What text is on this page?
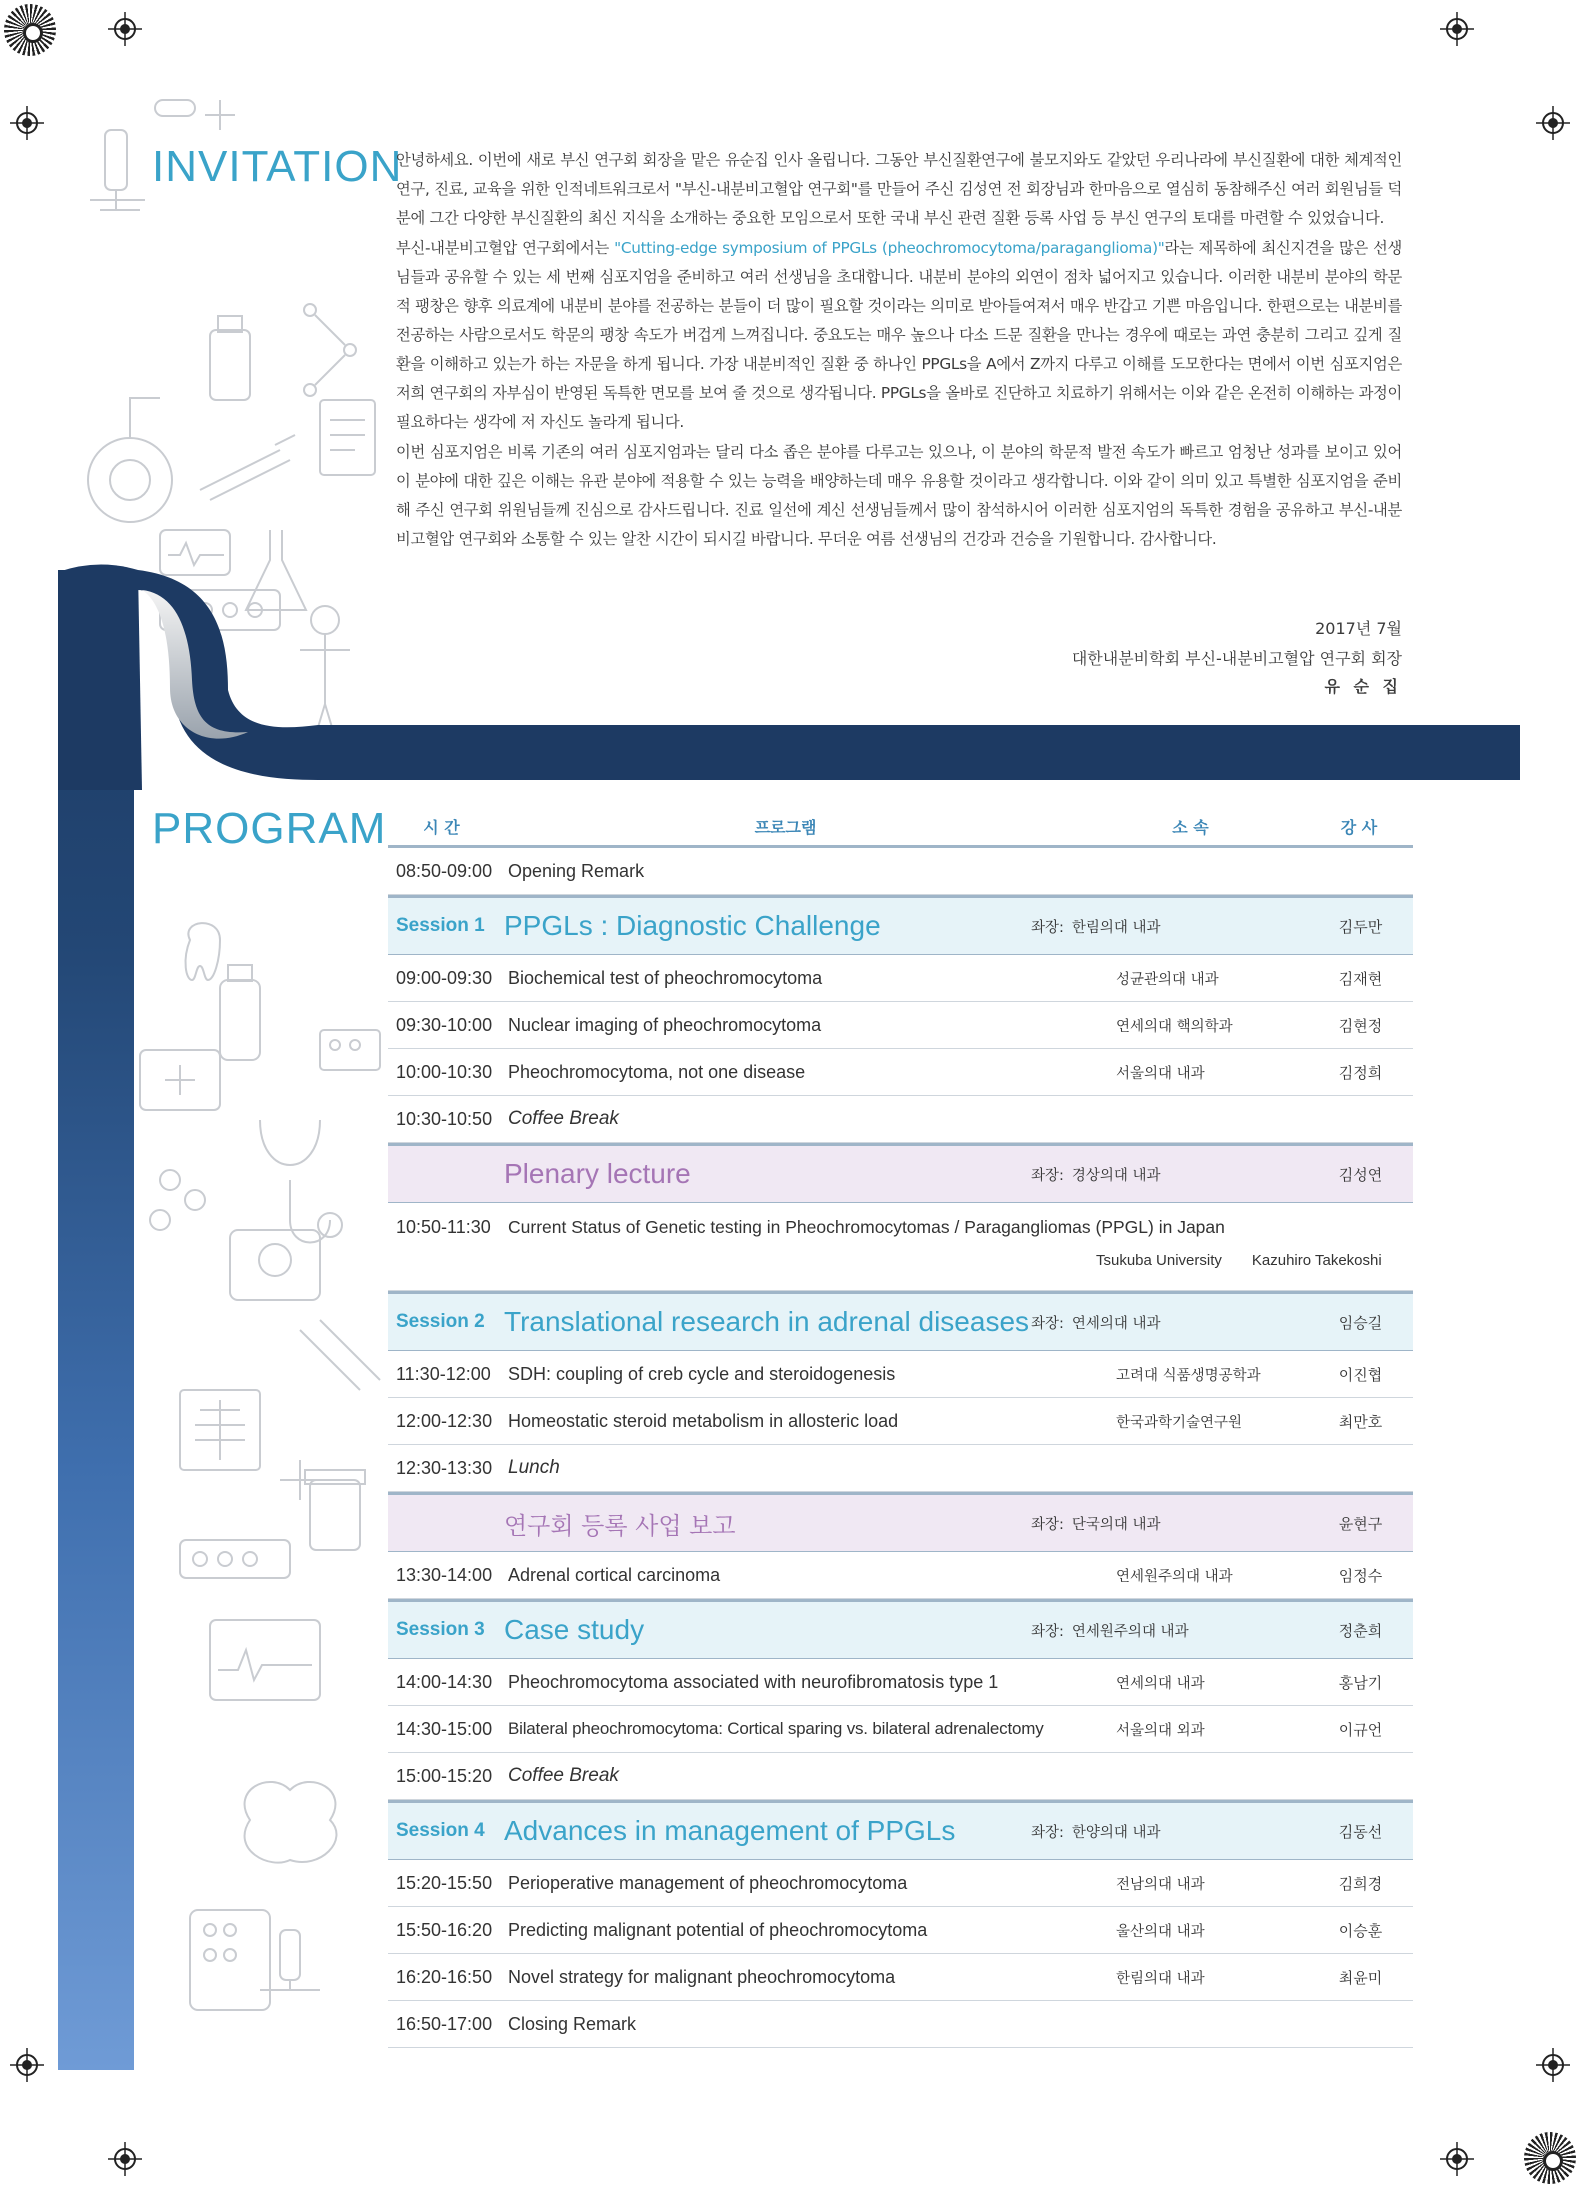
INVITATION

안녕하세요. 이번에 새로 부신 연구회 회장을 맡은 유순집 인사 올립니다. 그동안 부신질환연구에 불모지와도 같았던 우리나라에 부신질환에 대한 체계적인 연구, 진료, 교육을 위한 인적네트워크로서 "부신-내분비고혈압 연구회"를 만들어 주신 김성연 전 회장님과 한마음으로 열심히 동참해주신 여러 회원님들 덕분에 그간 다양한 부신질환의 최신 지식을 소개하는 중요한 모임으로서 또한 국내 부신 관련 질환 등록 사업 등 부신 연구의 토대를 마련할 수 있었습니다.

부신-내분비고혈압 연구회에서는 "Cutting-edge symposium of PPGLs (pheochromocytoma/paraganglioma)"라는 제목하에 최신지견을 많은 선생님들과 공유할 수 있는 세 번째 심포지엄을 준비하고 여러 선생님을 초대합니다. 내분비 분야의 외연이 점차 넓어지고 있습니다. 이러한 내분비 분야의 학문적 팽창은 향후 의료계에 내분비 분야를 전공하는 분들이 더 많이 필요할 것이라는 의미로 받아들여져서 매우 반갑고 기쁜 마음입니다. 한편으로는 내분비를 전공하는 사람으로서도 학문의 팽창 속도가 버겁게 느껴집니다. 중요도는 매우 높으나 다소 드문 질환을 만나는 경우에 때로는 과연 충분히 그리고 깊게 질환을 이해하고 있는가 하는 자문을 하게 됩니다. 가장 내분비적인 질환 중 하나인 PPGLs을 A에서 Z까지 다루고 이해를 도모한다는 면에서 이번 심포지엄은 저희 연구회의 자부심이 반영된 독특한 면모를 보여 줄 것으로 생각됩니다. PPGLs을 올바로 진단하고 치료하기 위해서는 이와 같은 온전히 이해하는 과정이 필요하다는 생각에 저 자신도 놀라게 됩니다.

이번 심포지엄은 비록 기존의 여러 심포지엄과는 달리 다소 좁은 분야를 다루고는 있으나, 이 분야의 학문적 발전 속도가 빠르고 엄청난 성과를 보이고 있어 이 분야에 대한 깊은 이해는 유관 분야에 적용할 수 있는 능력을 배양하는데 매우 유용할 것이라고 생각합니다. 이와 같이 의미 있고 특별한 심포지엄을 준비해 주신 연구회 위원님들께 진심으로 감사드립니다. 진료 일선에 계신 선생님들께서 많이 참석하시어 이러한 심포지엄의 독특한 경험을 공유하고 부신-내분비고혈압 연구회와 소통할 수 있는 알찬 시간이 되시길 바랍니다. 무더운 여름 선생님의 건강과 건승을 기원합니다. 감사합니다.

2017년 7월
대한내분비학회 부신-내분비고혈압 연구회 회장
유 순 집
PROGRAM	시 간	프로그램	소 속	강 사
08:50-09:00 Opening Remark
Session 1 PPGLs : Diagnostic Challenge	좌장: 한림의대 내과	김두만
09:00-09:30 Biochemical test of pheochromocytoma	성균관의대 내과	김재현
09:30-10:00 Nuclear imaging of pheochromocytoma	연세의대 핵의학과	김현정
10:00-10:30 Pheochromocytoma, not one disease	서울의대 내과	김정희
10:30-10:50 Coffee Break
Plenary lecture	좌장: 경상의대 내과	김성연
10:50-11:30 Current Status of Genetic testing in Pheochromocytomas / Paragangliomas (PPGL) in Japan
Tsukuba University Kazuhiro Takekoshi
Session 2 Translational research in adrenal diseases 좌장: 연세의대 내과	임승길
11:30-12:00 SDH: coupling of creb cycle and steroidogenesis	고려대 식품생명공학과	이진협
12:00-12:30 Homeostatic steroid metabolism in allosteric load	한국과학기술연구원	최만호
12:30-13:30 Lunch
연구회 등록 사업 보고	좌장: 단국의대 내과	윤현구
13:30-14:00 Adrenal cortical carcinoma	연세원주의대 내과	임정수
Session 3 Case study	좌장: 연세원주의대 내과	정춘희
14:00-14:30 Pheochromocytoma associated with neurofibromatosis type 1	연세의대 내과	홍남기
14:30-15:00 Bilateral pheochromocytoma: Cortical sparing vs. bilateral adrenalectomy	서울의대 외과	이규언
15:00-15:20 Coffee Break
Session 4 Advances in management of PPGLs	좌장: 한양의대 내과	김동선
15:20-15:50 Perioperative management of pheochromocytoma	전남의대 내과	김희경
15:50-16:20 Predicting malignant potential of pheochromocytoma	울산의대 내과	이승훈
16:20-16:50 Novel strategy for malignant pheochromocytoma	한림의대 내과	최윤미
16:50-17:00 Closing Remark
